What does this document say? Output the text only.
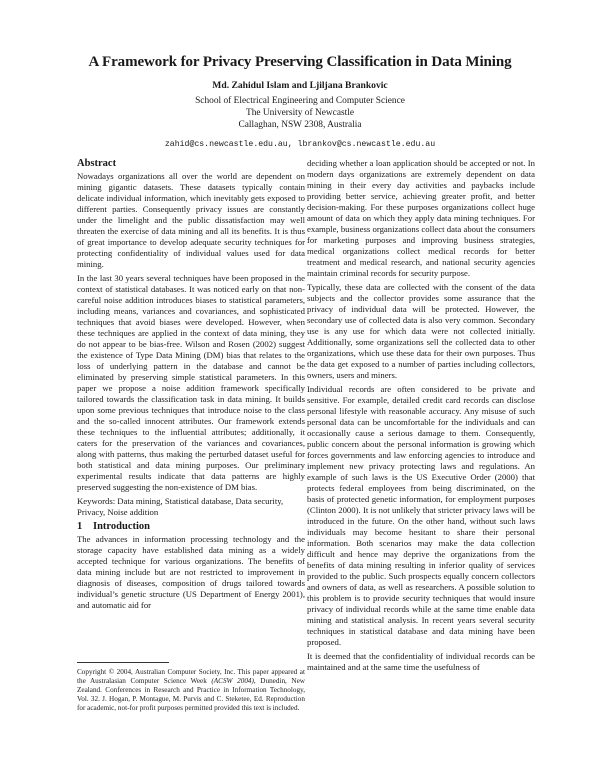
A Framework for Privacy Preserving Classification in Data Mining
Md. Zahidul Islam and Ljiljana Brankovic
School of Electrical Engineering and Computer Science
The University of Newcastle
Callaghan, NSW 2308, Australia
zahid@cs.newcastle.edu.au, lbrankov@cs.newcastle.edu.au
Abstract

Nowadays organizations all over the world are dependent on mining gigantic datasets. These datasets typically contain delicate individual information, which inevitably gets exposed to different parties. Consequently privacy issues are constantly under the limelight and the public dissatisfaction may well threaten the exercise of data mining and all its benefits. It is thus of great importance to develop adequate security techniques for protecting confidentiality of individual values used for data mining.

In the last 30 years several techniques have been proposed in the context of statistical databases. It was noticed early on that non-careful noise addition introduces biases to statistical parameters, including means, variances and covariances, and sophisticated techniques that avoid biases were developed. However, when these techniques are applied in the context of data mining, they do not appear to be bias-free. Wilson and Rosen (2002) suggest the existence of Type Data Mining (DM) bias that relates to the loss of underlying pattern in the database and cannot be eliminated by preserving simple statistical parameters. In this paper we propose a noise addition framework specifically tailored towards the classification task in data mining. It builds upon some previous techniques that introduce noise to the class and the so-called innocent attributes. Our framework extends these techniques to the influential attributes; additionally, it caters for the preservation of the variances and covariances, along with patterns, thus making the perturbed dataset useful for both statistical and data mining purposes. Our preliminary experimental results indicate that data patterns are highly preserved suggesting the non-existence of DM bias.

Keywords: Data mining, Statistical database, Data security, Privacy, Noise addition

1 Introduction

The advances in information processing technology and the storage capacity have established data mining as a widely accepted technique for various organizations. The benefits of data mining include but are not restricted to improvement in diagnosis of diseases, composition of drugs tailored towards individual’s genetic structure (US Department of Energy 2001), and automatic aid for

Copyright © 2004, Australian Computer Society, Inc. This paper appeared at the Australasian Computer Science Week (ACSW 2004), Dunedin, New Zealand. Conferences in Research and Practice in Information Technology, Vol. 32. J. Hogan, P. Montague, M. Purvis and C. Steketee, Ed. Reproduction for academic, not-for profit purposes permitted provided this text is included.

deciding whether a loan application should be accepted or not. In modern days organizations are extremely dependent on data mining in their every day activities and paybacks include providing better service, achieving greater profit, and better decision-making. For these purposes organizations collect huge amount of data on which they apply data mining techniques. For example, business organizations collect data about the consumers for marketing purposes and improving business strategies, medical organizations collect medical records for better treatment and medical research, and national security agencies maintain criminal records for security purpose.

Typically, these data are collected with the consent of the data subjects and the collector provides some assurance that the privacy of individual data will be protected. However, the secondary use of collected data is also very common. Secondary use is any use for which data were not collected initially. Additionally, some organizations sell the collected data to other organizations, which use these data for their own purposes. Thus the data get exposed to a number of parties including collectors, owners, users and miners.

Individual records are often considered to be private and sensitive. For example, detailed credit card records can disclose personal lifestyle with reasonable accuracy. Any misuse of such personal data can be uncomfortable for the individuals and can occasionally cause a serious damage to them. Consequently, public concern about the personal information is growing which forces governments and law enforcing agencies to introduce and implement new privacy protecting laws and regulations. An example of such laws is the US Executive Order (2000) that protects federal employees from being discriminated, on the basis of protected genetic information, for employment purposes (Clinton 2000). It is not unlikely that stricter privacy laws will be introduced in the future. On the other hand, without such laws individuals may become hesitant to share their personal information. Both scenarios may make the data collection difficult and hence may deprive the organizations from the benefits of data mining resulting in inferior quality of services provided to the public. Such prospects equally concern collectors and owners of data, as well as researchers. A possible solution to this problem is to provide security techniques that would insure privacy of individual records while at the same time enable data mining and statistical analysis. In recent years several security techniques in statistical database and data mining have been proposed.

It is deemed that the confidentiality of individual records can be maintained and at the same time the usefulness of
